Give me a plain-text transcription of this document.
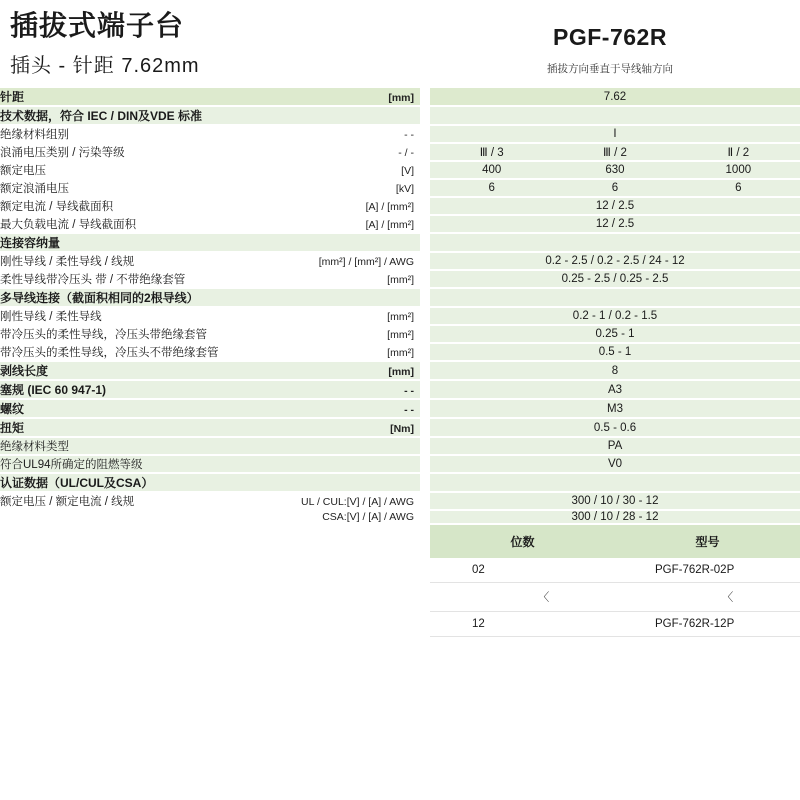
插拔式端子台
插头 - 针距 7.62mm
PGF-762R
插拔方向垂直于导线轴方向
针距 [mm]		7.62		

技术数据，符合 IEC / DIN及VDE 标准				

绝缘材料组别 - -		I		

浪涌电压类别 / 污染等级 - / -		Ⅲ / 3	Ⅲ / 2	Ⅱ / 2

额定电压 [V]		400	630	1000

额定浪涌电压 [kV]		6	6	6

额定电流 / 导线截面积 [A] / [mm²]		12 / 2.5		

最大负载电流 / 导线截面积 [A] / [mm²]		12 / 2.5		

连接容纳量				

刚性导线 / 柔性导线 / 线规 [mm²] / [mm²] / AWG		0.2 - 2.5 / 0.2 - 2.5 / 24 - 12		

柔性导线带冷压头 带 / 不带绝缘套管 [mm²]		0.25 - 2.5 / 0.25 - 2.5		

多导线连接（截面积相同的2根导线）				

刚性导线 / 柔性导线 [mm²]		0.2 - 1 / 0.2 - 1.5		

带冷压头的柔性导线，冷压头带绝缘套管 [mm²]		0.25 - 1		

带冷压头的柔性导线，冷压头不带绝缘套管 [mm²]		0.5 - 1		

剥线长度 [mm]		8		

塞规 (IEC 60 947-1) - -		A3		

螺纹 - -		M3		

扭矩 [Nm]		0.5 - 0.6		

绝缘材料类型		PA		

符合UL94所确定的阻燃等级		V0		

认证数据（UL/CUL及CSA）				

额定电压 / 额定电流 / 线规 UL / CUL:[V] / [A] / AWG		300 / 10 / 30 - 12		

CSA:[V] / [A] / AWG		300 / 10 / 28 - 12		

位数	型号
02	PGF-762R-02P
〈	〈
12	PGF-762R-12P
